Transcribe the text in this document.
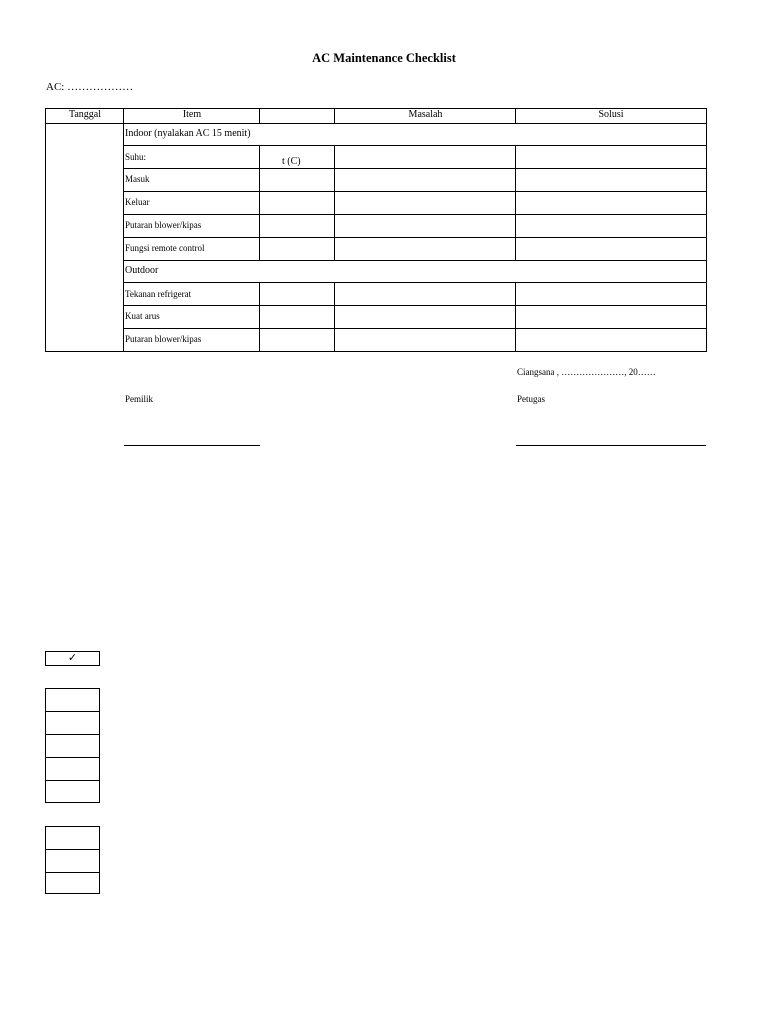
AC Maintenance Checklist
AC: ………………
Tanggal	Item	Masalah	Solusi
Indoor (nyalakan AC 15 menit)
Suhu:	t (C)
Masuk
Keluar
Putaran blower/kipas
Fungsi remote control
Outdoor
Tekanan refrigerat
Kuat arus
Putaran blower/kipas
Ciangsana , …………………, 20……
Pemilik	Petugas
✓
